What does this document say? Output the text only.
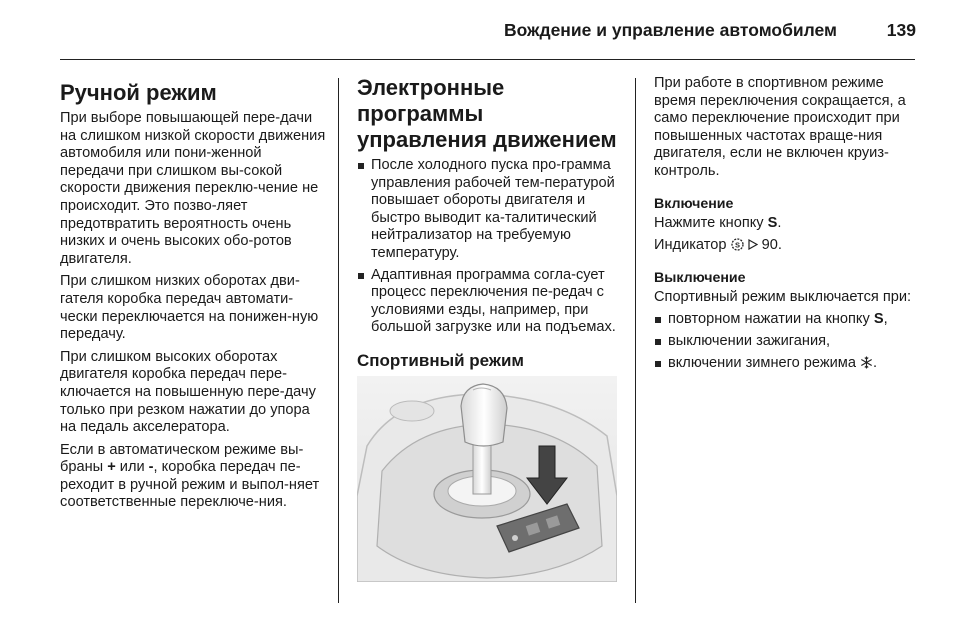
Вождение и управление автомобилем	139
Ручной режим

При выборе повышающей пере-дачи на слишком низкой скорости движения автомобиля или пони-женной передачи при слишком вы-сокой скорости движения переклю-чение не происходит. Это позво-ляет предотвратить вероятность очень низких и очень высоких обо-ротов двигателя.

При слишком низких оборотах дви-гателя коробка передач автомати-чески переключается на понижен-ную передачу.

При слишком высоких оборотах двигателя коробка передач пере-ключается на повышенную пере-дачу только при резком нажатии до упора на педаль акселератора.

Если в автоматическом режиме вы-браны + или -, коробка передач пе-реходит в ручной режим и выпол-няет соответственные переключе-ния.

Электронные программы
управления движением
После холодного пуска про-грамма управления рабочей тем-пературой повышает обороты двигателя и быстро выводит ка-талитический нейтрализатор на требуемую температуру.
Адаптивная программа согла-сует процесс переключения пе-редач с условиями езды, например, при большой загрузке или на подъемах.
Спортивный режим

При работе в спортивном режиме время переключения сокращается, а само переключение происходит при повышенных частотах враще-ния двигателя, если не включен круиз-контроль.

Включение

Нажмите кнопку S.

Индикатор S 90.

Выключение

Спортивный режим выключается при:

повторном нажатии на кнопку S,
выключении зажигания,
включении зимнего режима .
